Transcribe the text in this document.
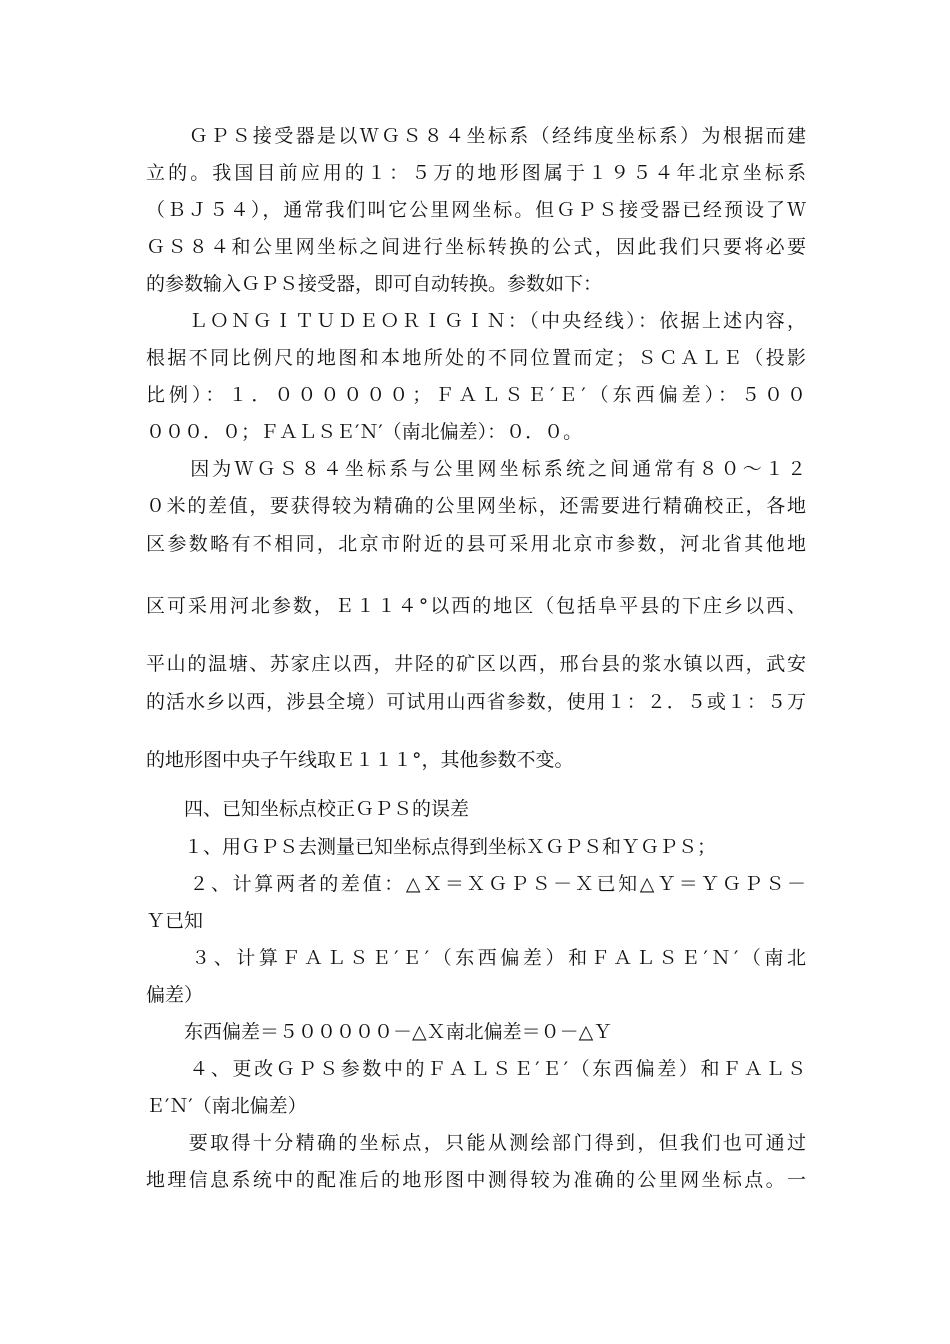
　　ＧＰＳ接受器是以ＷＧＳ８４坐标系（经纬度坐标系）为根据而建
立的。我国目前应用的１：５万的地形图属于１９５４年北京坐标系
（ＢＪ５４），通常我们叫它公里网坐标。但ＧＰＳ接受器已经预设了Ｗ
ＧＳ８４和公里网坐标之间进行坐标转换的公式，因此我们只要将必要
的参数输入ＧＰＳ接受器，即可自动转换。参数如下：
　　ＬＯＮＧＩＴＵＤＥＯＲＩＧＩＮ：（中央经线）：依据上述内容，
根据不同比例尺的地图和本地所处的不同位置而定；ＳＣＡＬＥ（投影
比例）：１．００００００；ＦＡＬＳＥ′Ｅ′（东西偏差）：５００
０００．０；ＦＡＬＳＥ′Ｎ′（南北偏差）：０．０。
　　因为ＷＧＳ８４坐标系与公里网坐标系统之间通常有８０～１２
０米的差值，要获得较为精确的公里网坐标，还需要进行精确校正，各地
区参数略有不相同，北京市附近的县可采用北京市参数，河北省其他地
区可采用河北参数，Ｅ１１４°以西的地区（包括阜平县的下庄乡以西、
平山的温塘、苏家庄以西，井陉的矿区以西，邢台县的浆水镇以西，武安
的活水乡以西，涉县全境）可试用山西省参数，使用１：２．５或１：５万
的地形图中央子午线取Ｅ１１１°，其他参数不变。
　　四、已知坐标点校正ＧＰＳ的误差
　　１、用ＧＰＳ去测量已知坐标点得到坐标ＸＧＰＳ和ＹＧＰＳ；
　　２、计算两者的差值：△Ｘ＝ＸＧＰＳ－Ｘ已知△Ｙ＝ＹＧＰＳ－
Ｙ已知
　　３、计算ＦＡＬＳＥ′Ｅ′（东西偏差）和ＦＡＬＳＥ′Ｎ′（南北
偏差）
　　东西偏差＝５０００００－△Ｘ南北偏差＝０－△Ｙ
　　４、更改ＧＰＳ参数中的ＦＡＬＳＥ′Ｅ′（东西偏差）和ＦＡＬＳ
Ｅ′Ｎ′（南北偏差）
　　要取得十分精确的坐标点，只能从测绘部门得到，但我们也可通过
地理信息系统中的配准后的地形图中测得较为准确的公里网坐标点。一
